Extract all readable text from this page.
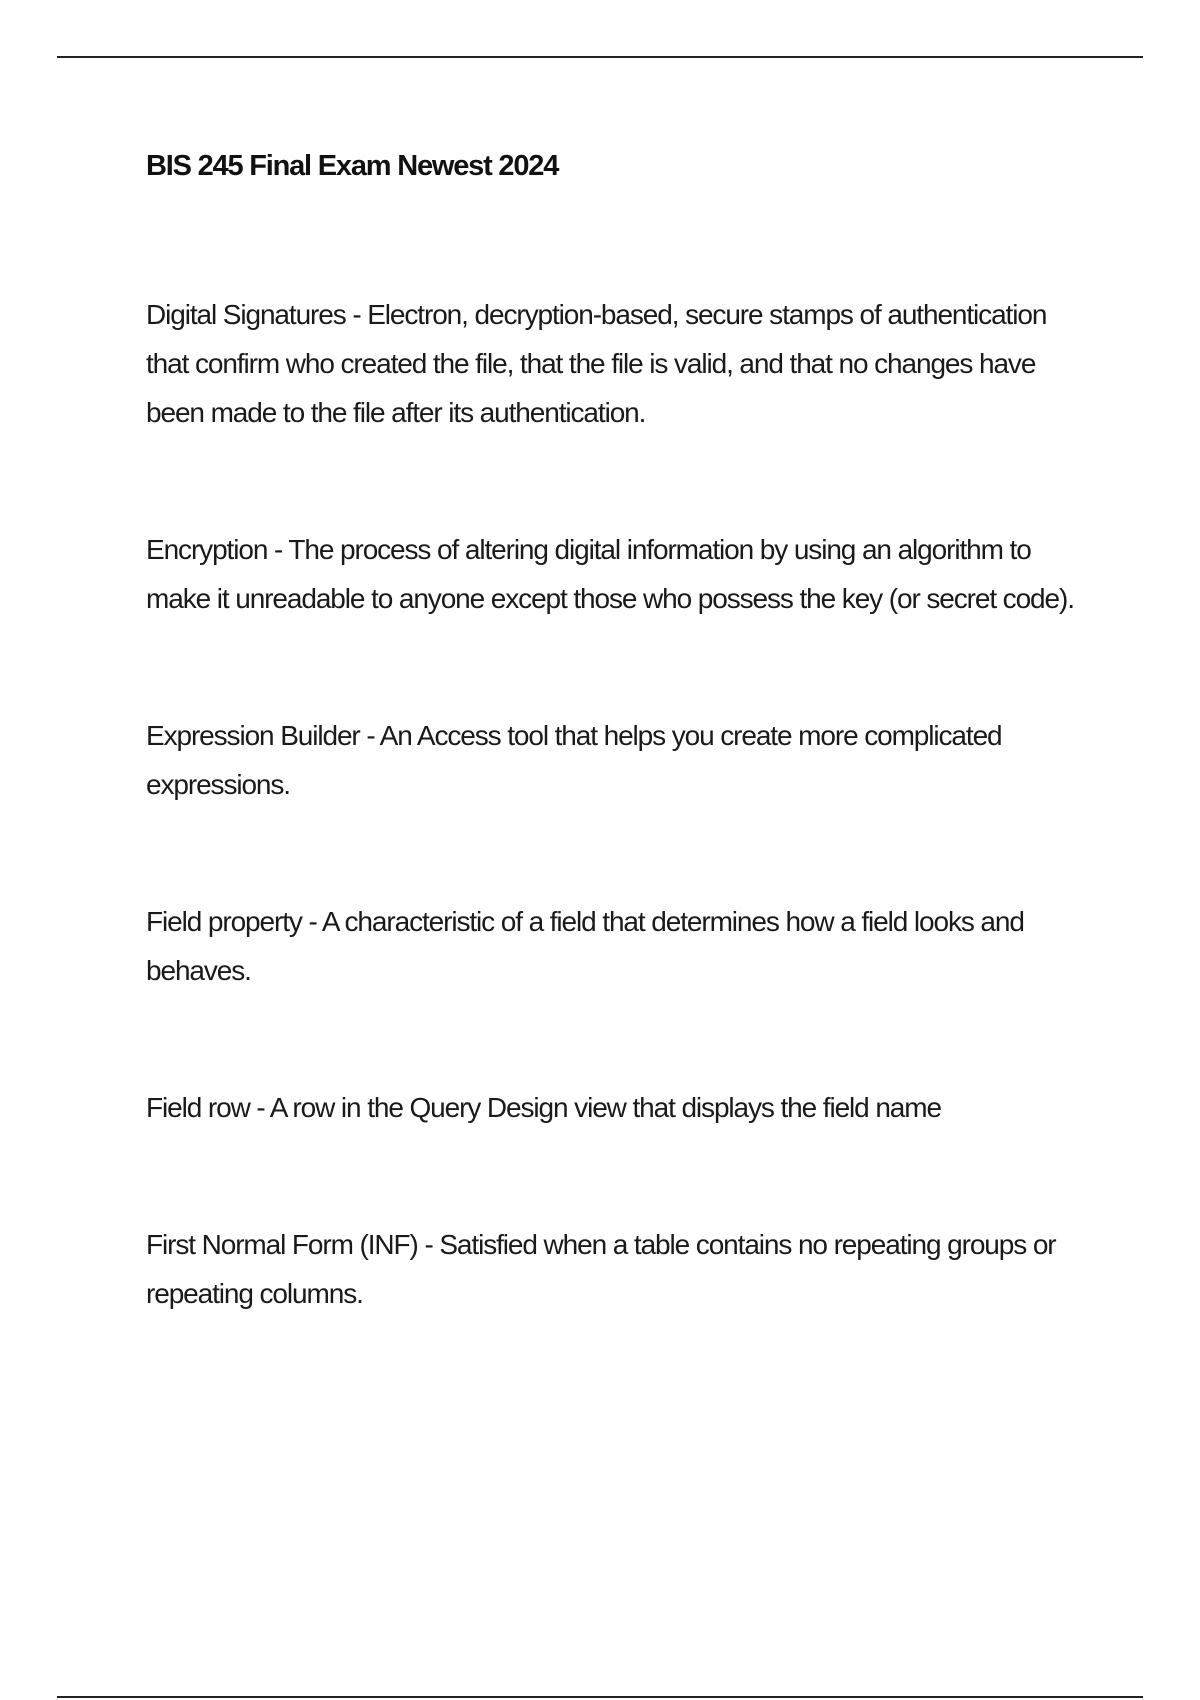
BIS 245 Final Exam Newest 2024
Digital Signatures - Electron, decryption-based, secure stamps of authentication that confirm who created the file, that the file is valid, and that no changes have been made to the file after its authentication.
Encryption - The process of altering digital information by using an algorithm to make it unreadable to anyone except those who possess the key (or secret code).
Expression Builder - An Access tool that helps you create more complicated expressions.
Field property - A characteristic of a field that determines how a field looks and behaves.
Field row - A row in the Query Design view that displays the field name
First Normal Form (INF) - Satisfied when a table contains no repeating groups or repeating columns.
